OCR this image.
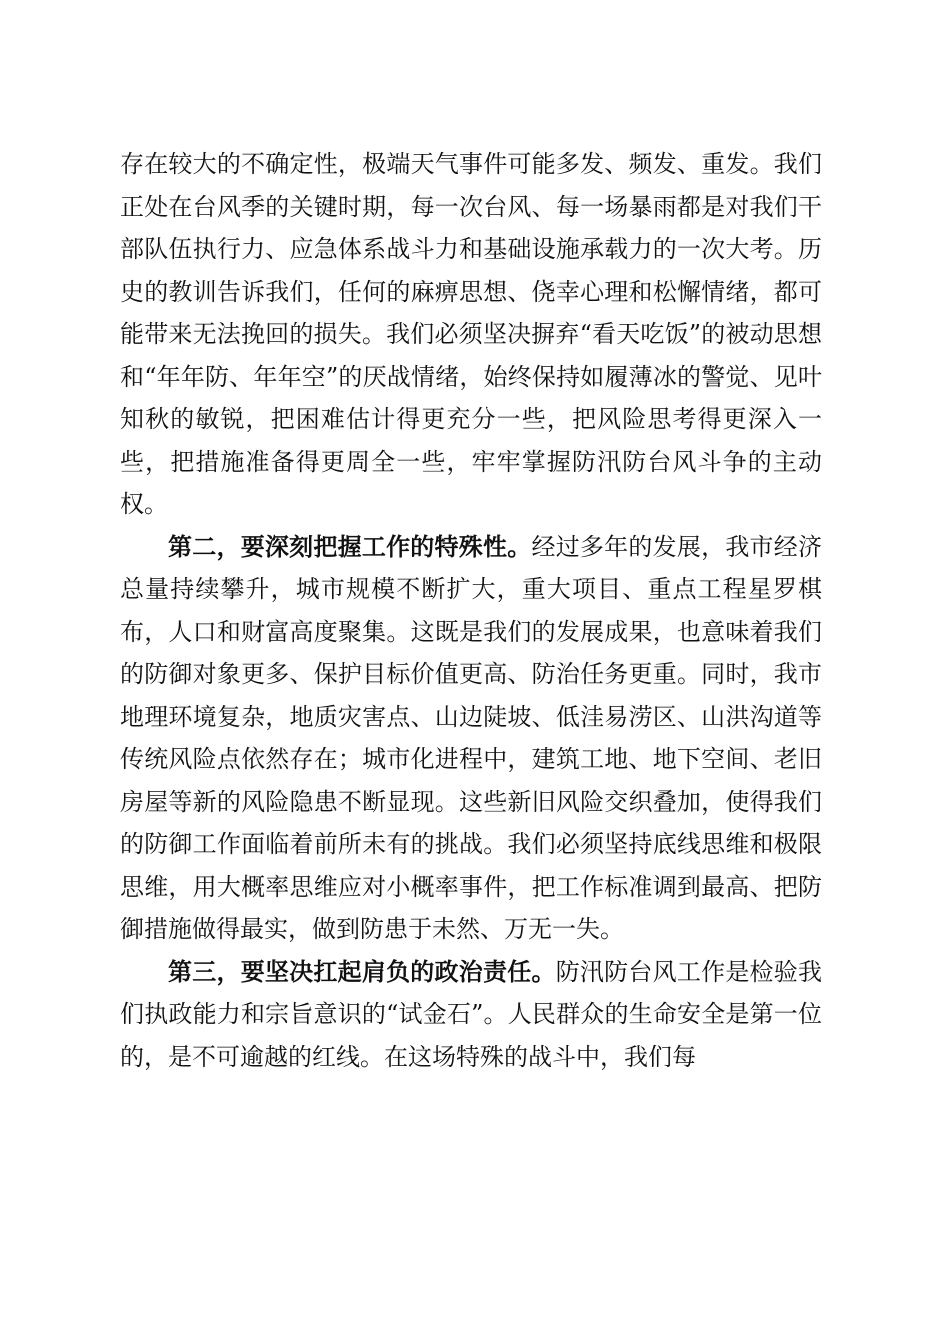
存在较大的不确定性，极端天气事件可能多发、频发、重发。我们正处在台风季的关键时期，每一次台风、每一场暴雨都是对我们干部队伍执行力、应急体系战斗力和基础设施承载力的一次大考。历史的教训告诉我们，任何的麻痹思想、侥幸心理和松懈情绪，都可能带来无法挽回的损失。我们必须坚决摒弃“看天吃饭”的被动思想和“年年防、年年空”的厌战情绪，始终保持如履薄冰的警觉、见叶知秋的敏锐，把困难估计得更充分一些，把风险思考得更深入一些，把措施准备得更周全一些，牢牢掌握防汛防台风斗争的主动权。

第二，要深刻把握工作的特殊性。经过多年的发展，我市经济总量持续攀升，城市规模不断扩大，重大项目、重点工程星罗棋布，人口和财富高度聚集。这既是我们的发展成果，也意味着我们的防御对象更多、保护目标价值更高、防治任务更重。同时，我市地理环境复杂，地质灾害点、山边陡坡、低洼易涝区、山洪沟道等传统风险点依然存在；城市化进程中，建筑工地、地下空间、老旧房屋等新的风险隐患不断显现。这些新旧风险交织叠加，使得我们的防御工作面临着前所未有的挑战。我们必须坚持底线思维和极限思维，用大概率思维应对小概率事件，把工作标准调到最高、把防御措施做得最实，做到防患于未然、万无一失。

第三，要坚决扛起肩负的政治责任。防汛防台风工作是检验我们执政能力和宗旨意识的“试金石”。人民群众的生命安全是第一位的，是不可逾越的红线。在这场特殊的战斗中，我们每
